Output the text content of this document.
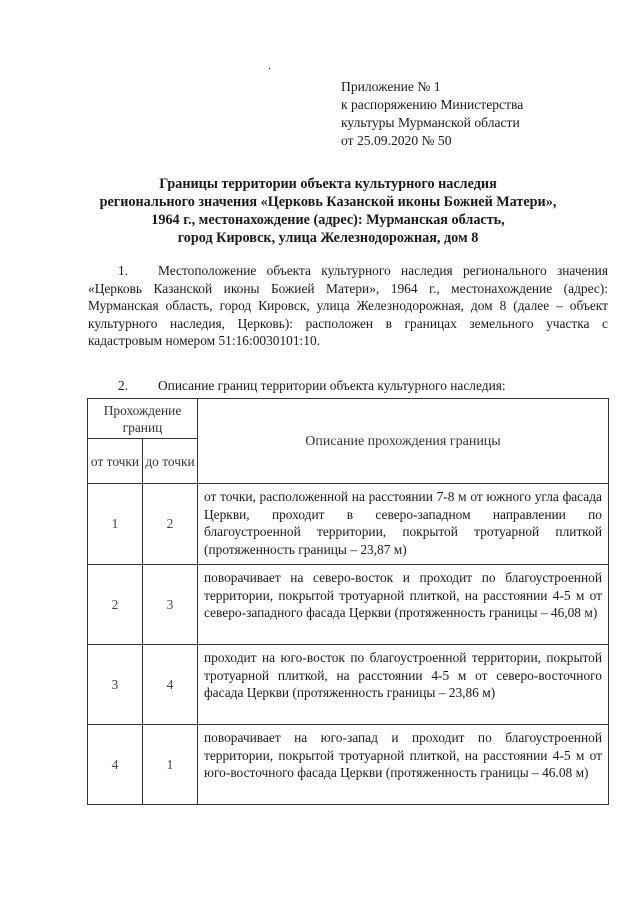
.
Приложение № 1
к распоряжению Министерства
культуры Мурманской области
от 25.09.2020 № 50
Границы территории объекта культурного наследия
регионального значения «Церковь Казанской иконы Божией Матери»,
1964 г., местонахождение (адрес): Мурманская область,
город Кировск, улица Железнодорожная, дом 8
1. Местоположение объекта культурного наследия регионального значения «Церковь Казанской иконы Божией Матери», 1964 г., местонахождение (адрес): Мурманская область, город Кировск, улица Железнодорожная, дом 8 (далее – объект культурного наследия, Церковь): расположен в границах земельного участка с кадастровым номером 51:16:0030101:10.
2. Описание границ территории объекта культурного наследия:
Прохождение границ		Описание прохождения границы
от точки	до точки	
1	2	от точки, расположенной на расстоянии 7-8 м от южного угла фасада Церкви, проходит в северо-западном направлении по благоустроенной территории, покрытой тротуарной плиткой (протяженность границы – 23,87 м)
2	3	поворачивает на северо-восток и проходит по благоустроенной территории, покрытой тротуарной плиткой, на расстоянии 4-5 м от северо-западного фасада Церкви (протяженность границы – 46,08 м)
3	4	проходит на юго-восток по благоустроенной территории, покрытой тротуарной плиткой, на расстоянии 4-5 м от северо-восточного фасада Церкви (протяженность границы – 23,86 м)
4	1	поворачивает на юго-запад и проходит по благоустроенной территории, покрытой тротуарной плиткой, на расстоянии 4-5 м от юго-восточного фасада Церкви (протяженность границы – 46.08 м)
